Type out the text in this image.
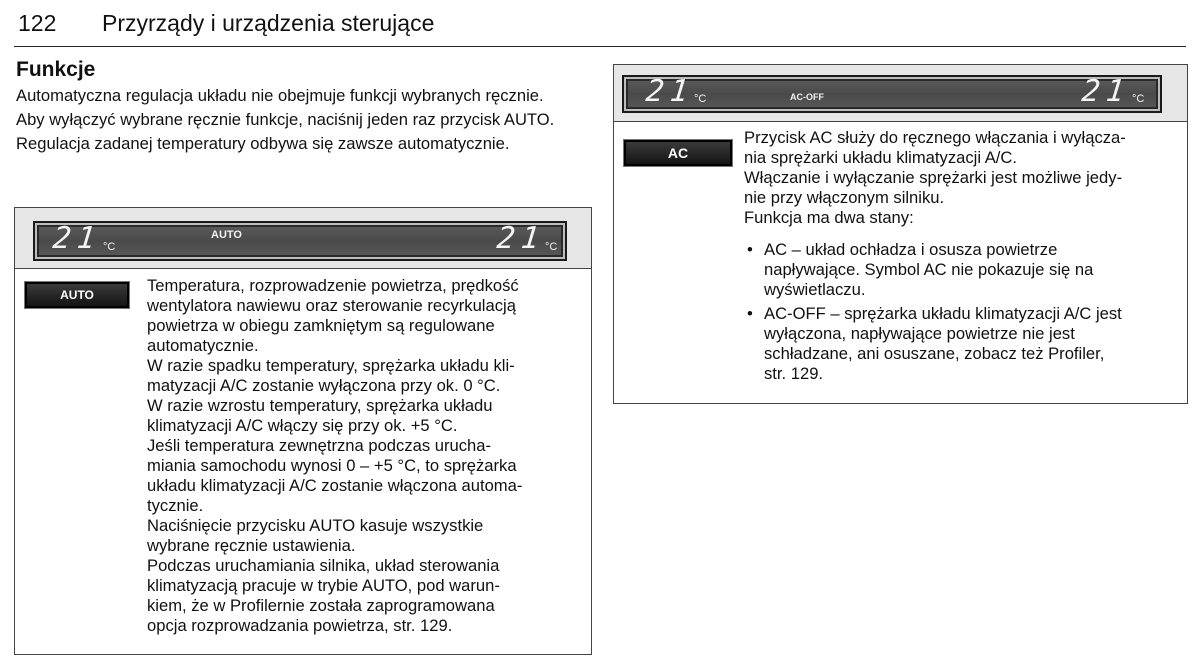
122 Przyrządy i urządzenia sterujące
Funkcje
Automatyczna regulacja układu nie obejmuje funkcji wybranych ręcznie.
Aby wyłączyć wybrane ręcznie funkcje, naciśnij jeden raz przycisk AUTO.
Regulacja zadanej temperatury odbywa się zawsze automatycznie.
21 °C
AUTO	21
°C
AUTO	Temperatura, rozprowadzenie powietrza, prędkość
wentylatora nawiewu oraz sterowanie recyrkulacją
powietrza w obiegu zamkniętym są regulowane
automatycznie.
W razie spadku temperatury, sprężarka układu kli-
matyzacji A/C zostanie wyłączona przy ok. 0 °C.
W razie wzrostu temperatury, sprężarka układu
klimatyzacji A/C włączy się przy ok. +5 °C.
Jeśli temperatura zewnętrzna podczas urucha-
miania samochodu wynosi 0 – +5 °C, to sprężarka
układu klimatyzacji A/C zostanie włączona automa-
tycznie.
Naciśnięcie przycisku AUTO kasuje wszystkie
wybrane ręcznie ustawienia.
Podczas uruchamiania silnika, układ sterowania
klimatyzacją pracuje w trybie AUTO, pod warun-
kiem, że w Profilernie została zaprogramowana
opcja rozprowadzania powietrza, str. 129.
21
°C	AC-OFF	21 °C
AC
Przycisk AC służy do ręcznego włączania i wyłącza-
nia sprężarki układu klimatyzacji A/C.
Włączanie i wyłączanie sprężarki jest możliwe jedy-
nie przy włączonym silniku.
Funkcja ma dwa stany:
• AC – układ ochładza i osusza powietrze
napływające. Symbol AC nie pokazuje się na
wyświetlaczu.
• AC-OFF – sprężarka układu klimatyzacji A/C jest
wyłączona, napływające powietrze nie jest
schładzane, ani osuszane, zobacz też Profiler,
str. 129.
